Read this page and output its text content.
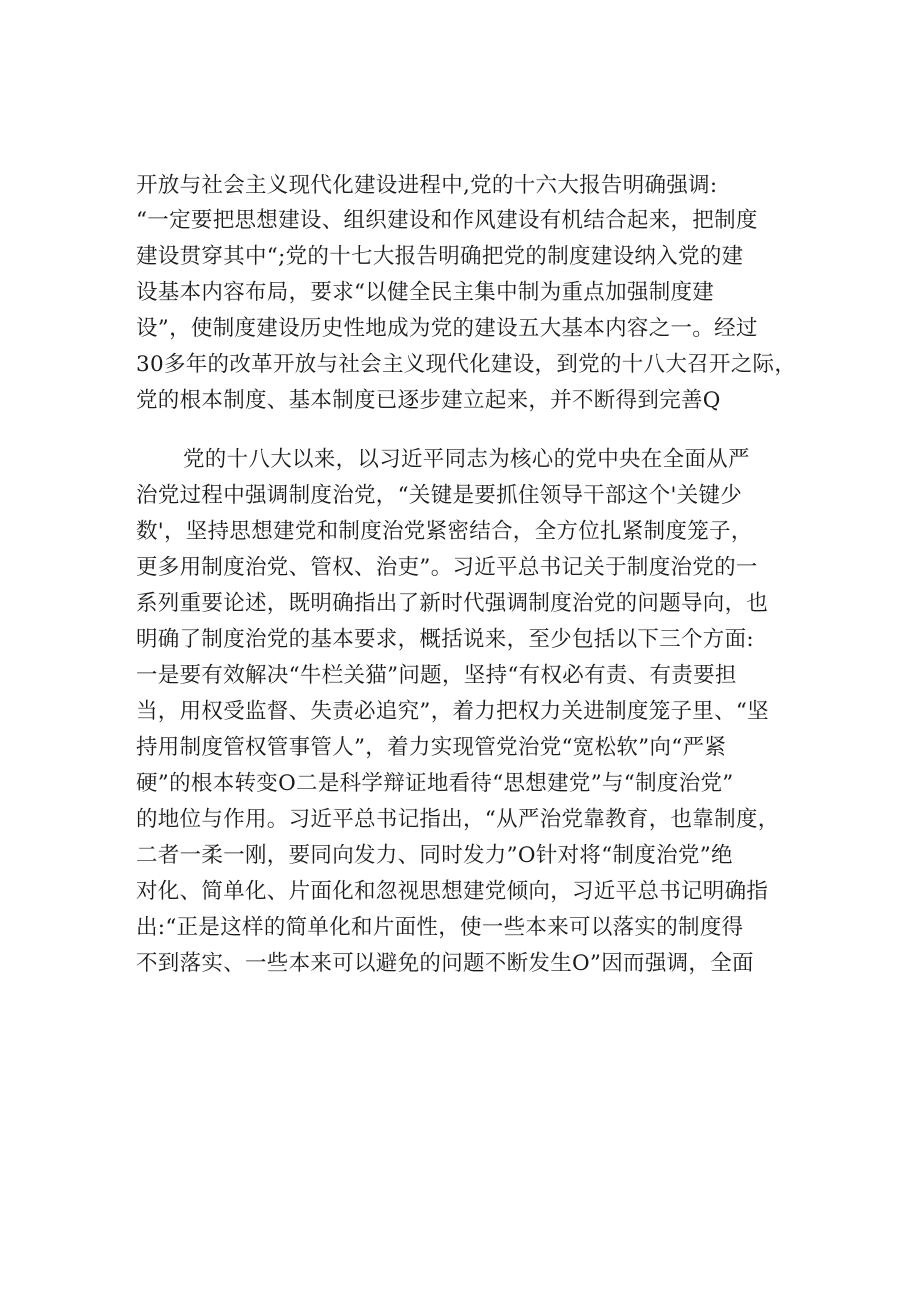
开放与社会主义现代化建设进程中,党的十六大报告明确强调:
“一定要把思想建设、组织建设和作风建设有机结合起来，把制度
建设贯穿其中“;党的十七大报告明确把党的制度建设纳入党的建
设基本内容布局，要求“以健全民主集中制为重点加强制度建
设”，使制度建设历史性地成为党的建设五大基本内容之一。经过
30多年的改革开放与社会主义现代化建设，到党的十八大召开之际，
党的根本制度、基本制度已逐步建立起来，并不断得到完善Q
党的十八大以来，以习近平同志为核心的党中央在全面从严
治党过程中强调制度治党，“关键是要抓住领导干部这个'关键少
数'，坚持思想建党和制度治党紧密结合，全方位扎紧制度笼子，
更多用制度治党、管权、治吏”。习近平总书记关于制度治党的一
系列重要论述，既明确指出了新时代强调制度治党的问题导向，也
明确了制度治党的基本要求，概括说来，至少包括以下三个方面:
一是要有效解决“牛栏关猫”问题，坚持“有权必有责、有责要担
当，用权受监督、失责必追究”，着力把权力关进制度笼子里、“坚
持用制度管权管事管人”，着力实现管党治党“宽松软”向“严紧
硬”的根本转变O二是科学辩证地看待“思想建党”与“制度治党”
的地位与作用。习近平总书记指出，“从严治党靠教育，也靠制度，
二者一柔一刚，要同向发力、同时发力”O针对将“制度治党”绝
对化、简单化、片面化和忽视思想建党倾向，习近平总书记明确指
出:“正是这样的简单化和片面性，使一些本来可以落实的制度得
不到落实、一些本来可以避免的问题不断发生O”因而强调，全面
